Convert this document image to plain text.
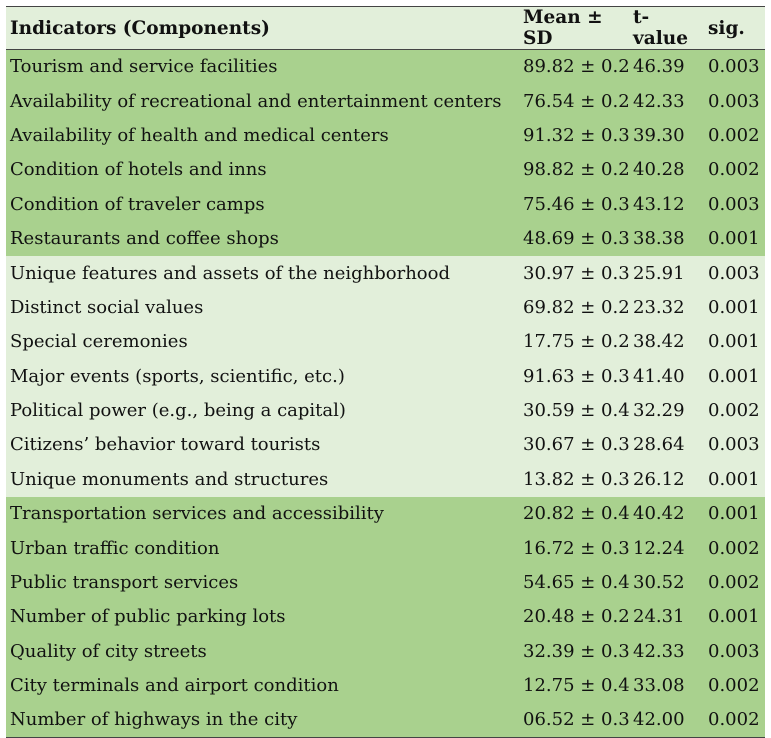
Indicators (Components)	Mean ± SD	t-value	sig.
Tourism and service facilities	89.82 ± 0.2	46.39	0.003
Availability of recreational and entertainment centers	76.54 ± 0.2	42.33	0.003
Availability of health and medical centers	91.32 ± 0.3	39.30	0.002
Condition of hotels and inns	98.82 ± 0.2	40.28	0.002
Condition of traveler camps	75.46 ± 0.3	43.12	0.003
Restaurants and coffee shops	48.69 ± 0.3	38.38	0.001
Unique features and assets of the neighborhood	30.97 ± 0.3	25.91	0.003
Distinct social values	69.82 ± 0.2	23.32	0.001
Special ceremonies	17.75 ± 0.2	38.42	0.001
Major events (sports, scientific, etc.)	91.63 ± 0.3	41.40	0.001
Political power (e.g., being a capital)	30.59 ± 0.4	32.29	0.002
Citizens’ behavior toward tourists	30.67 ± 0.3	28.64	0.003
Unique monuments and structures	13.82 ± 0.3	26.12	0.001
Transportation services and accessibility	20.82 ± 0.4	40.42	0.001
Urban traffic condition	16.72 ± 0.3	12.24	0.002
Public transport services	54.65 ± 0.4	30.52	0.002
Number of public parking lots	20.48 ± 0.2	24.31	0.001
Quality of city streets	32.39 ± 0.3	42.33	0.003
City terminals and airport condition	12.75 ± 0.4	33.08	0.002
Number of highways in the city	06.52 ± 0.3	42.00	0.002
